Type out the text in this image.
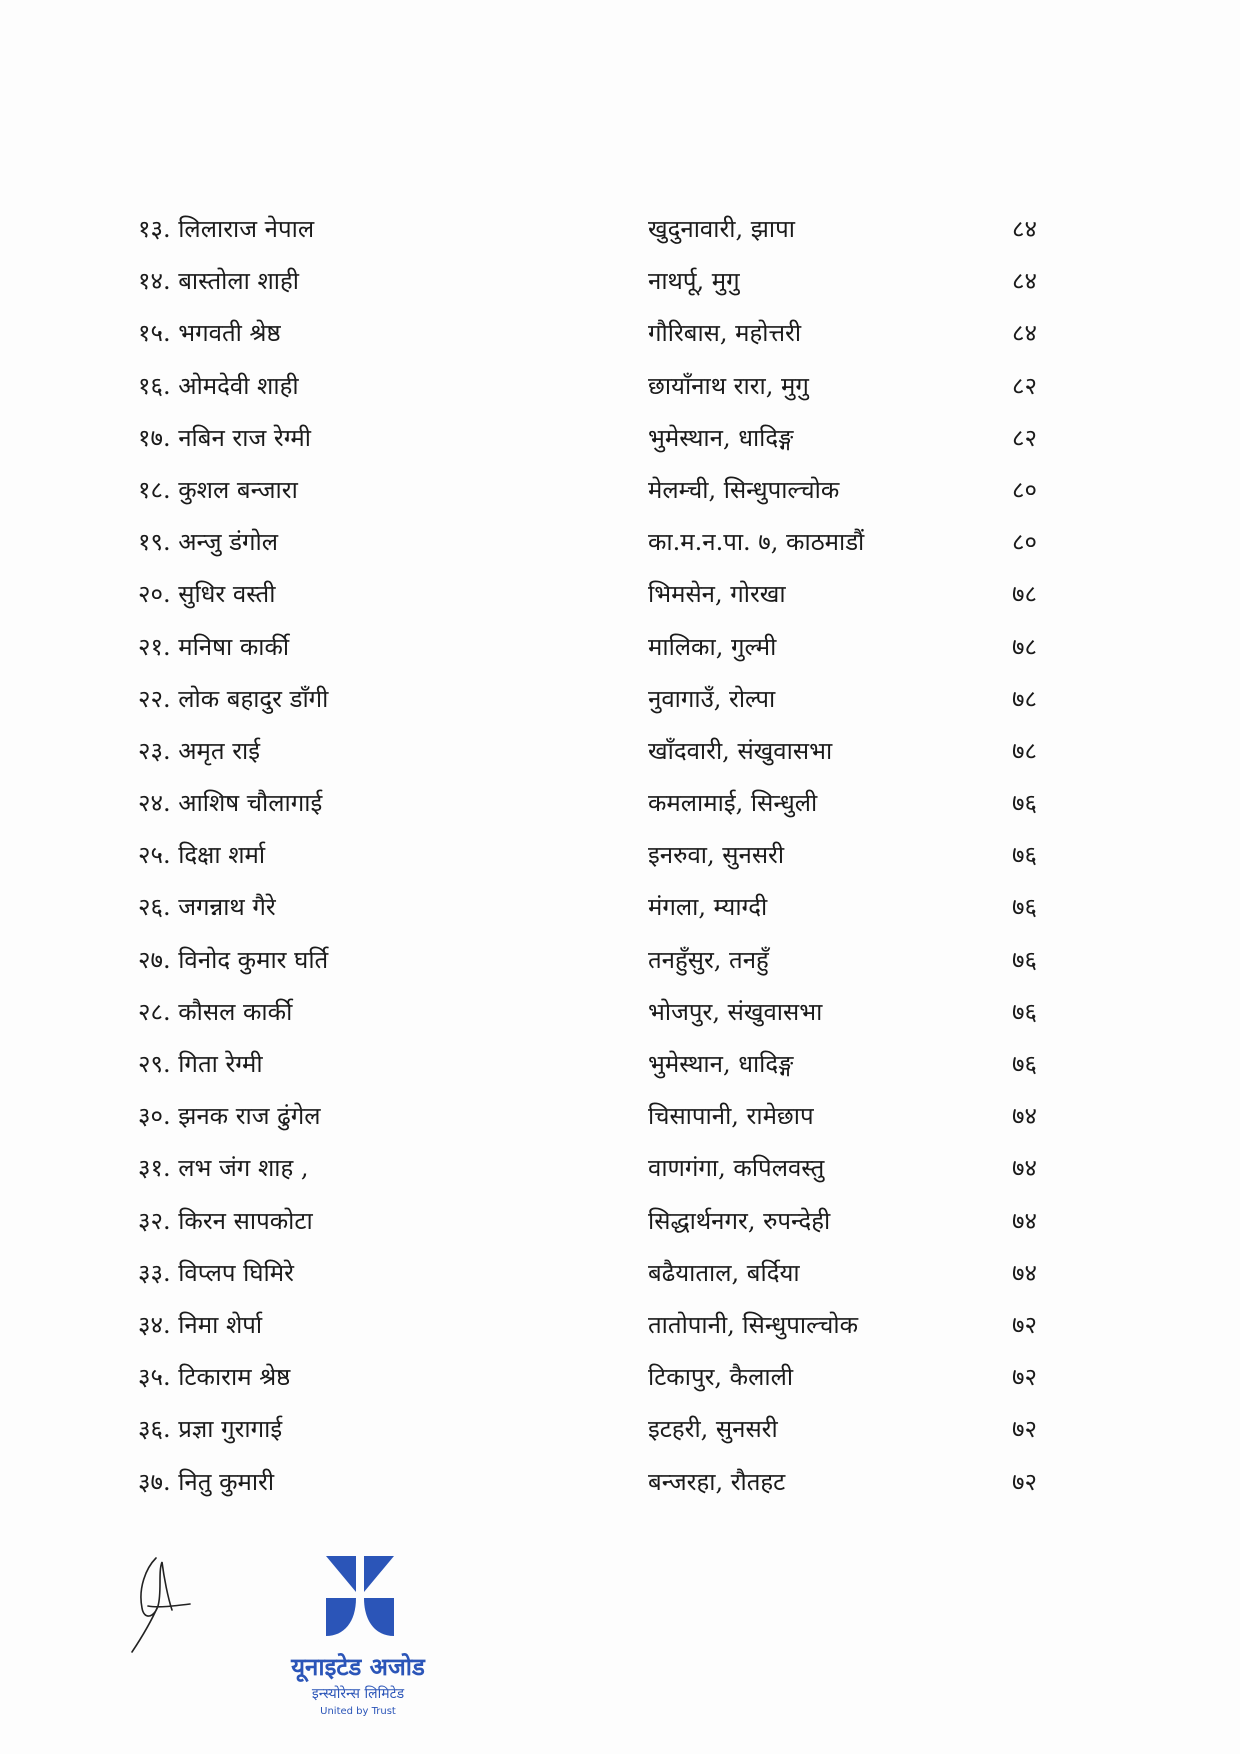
१३. लिलाराज नेपाल	खुदुनावारी, झापा	८४
१४. बास्तोला शाही	नाथर्पू, मुगु	८४
१५. भगवती श्रेष्ठ	गौरिबास, महोत्तरी	८४
१६. ओमदेवी शाही	छायाँनाथ रारा, मुगु	८२
१७. नबिन राज रेग्मी	भुमेस्थान, धादिङ्ग	८२
१८. कुशल बन्जारा	मेलम्ची, सिन्धुपाल्चोक	८०
१९. अन्जु डंगोल	का.म.न.पा. ७, काठमाडौं	८०
२०. सुधिर वस्ती	भिमसेन, गोरखा	७८
२१. मनिषा कार्की	मालिका, गुल्मी	७८
२२. लोक बहादुर डाँगी	नुवागाउँ, रोल्पा	७८
२३. अमृत राई	खाँदवारी, संखुवासभा	७८
२४. आशिष चौलागाई	कमलामाई, सिन्धुली	७६
२५. दिक्षा शर्मा	इनरुवा, सुनसरी	७६
२६. जगन्नाथ गैरे	मंगला, म्याग्दी	७६
२७. विनोद कुमार घर्ति	तनहुँसुर, तनहुँ	७६
२८. कौसल कार्की	भोजपुर, संखुवासभा	७६
२९. गिता रेग्मी	भुमेस्थान, धादिङ्ग	७६
३०. झनक राज ढुंगेल	चिसापानी, रामेछाप	७४
३१. लभ जंग शाह ,	वाणगंगा, कपिलवस्तु	७४
३२. किरन सापकोटा	सिद्धार्थनगर, रुपन्देही	७४
३३. विप्लप घिमिरे	बढैयाताल, बर्दिया	७४
३४. निमा शेर्पा	तातोपानी, सिन्धुपाल्चोक	७२
३५. टिकाराम श्रेष्ठ	टिकापुर, कैलाली	७२
३६. प्रज्ञा गुरागाई	इटहरी, सुनसरी	७२
३७. नितु कुमारी	बन्जरहा, रौतहट	७२
यूनाइटेड अजोड
इन्स्योरेन्स लिमिटेड
United by Trust
